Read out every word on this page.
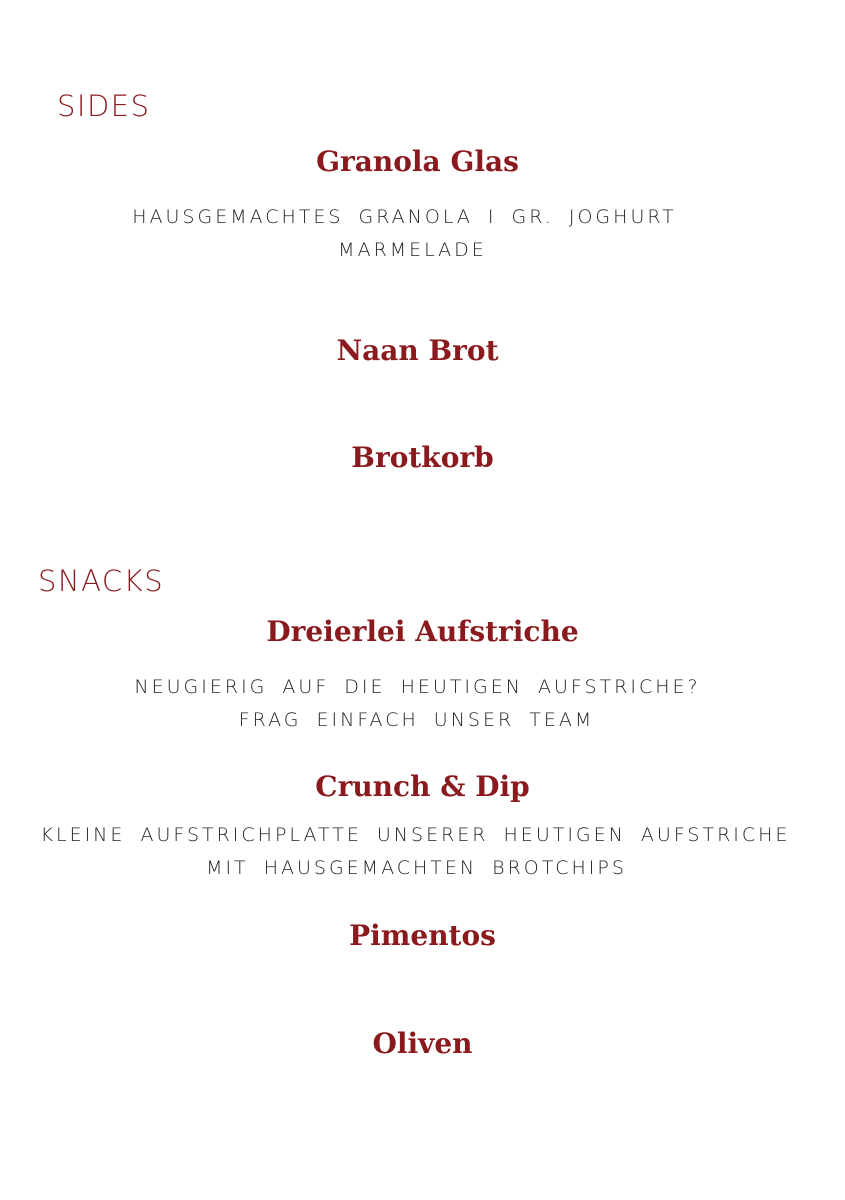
SIDES
Granola Glas

HAUSGEMACHTES GRANOLA I GR. JOGHURT

MARMELADE

Naan Brot
Brotkorb
SNACKS
Dreierlei Aufstriche

NEUGIERIG AUF DIE HEUTIGEN AUFSTRICHE?

FRAG EINFACH UNSER TEAM

Crunch & Dip

KLEINE AUFSTRICHPLATTE UNSERER HEUTIGEN AUFSTRICHE

MIT HAUSGEMACHTEN BROTCHIPS

Pimentos
Oliven
